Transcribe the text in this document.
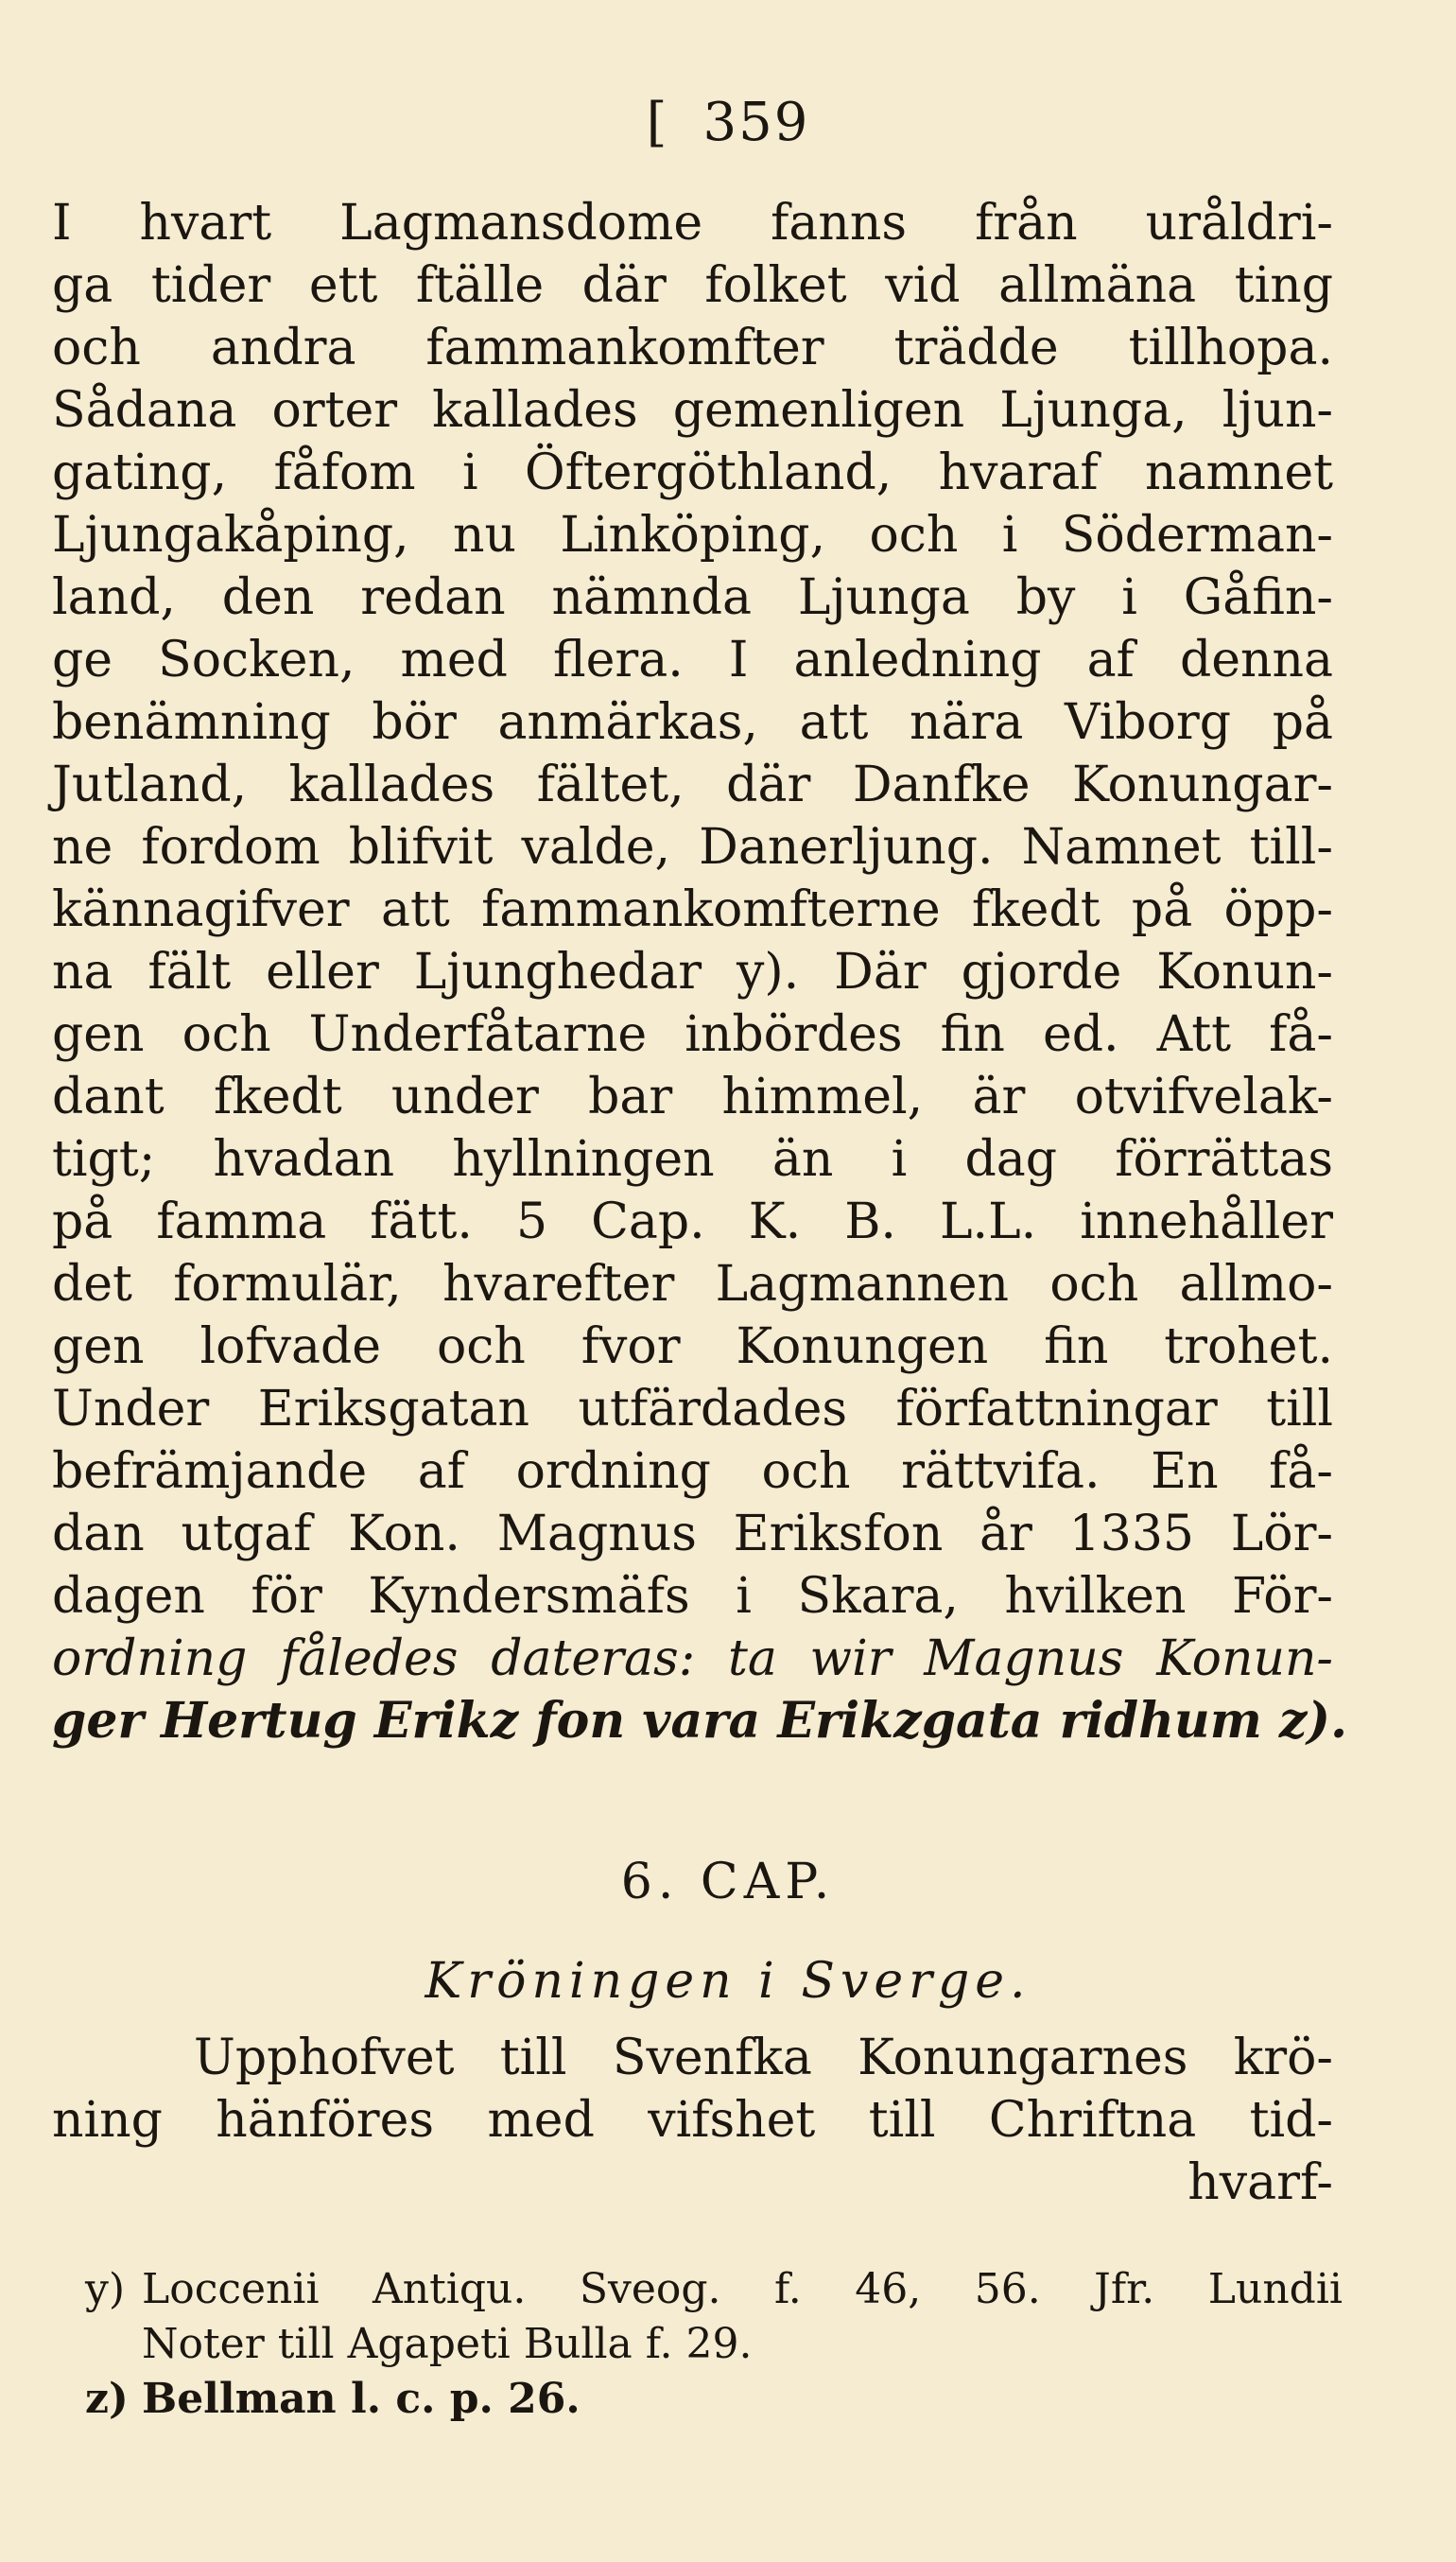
[ 359
I hvart Lagmansdome fanns från uråldri-
ga tider ett ftälle där folket vid allmäna ting
och andra fammankomfter trädde tillhopa.
Sådana orter kallades gemenligen Ljunga, ljun-
gating, fåfom i Öftergöthland, hvaraf namnet
Ljungakåping, nu Linköping, och i Söderman-
land, den redan nämnda Ljunga by i Gåfin-
ge Socken, med flera. I anledning af denna
benämning bör anmärkas, att nära Viborg på
Jutland, kallades fältet, där Danfke Konungar-
ne fordom blifvit valde, Danerljung. Namnet till-
kännagifver att fammankomfterne fkedt på öpp-
na fält eller Ljunghedar y). Där gjorde Konun-
gen och Underfåtarne inbördes fin ed. Att få-
dant fkedt under bar himmel, är otvifvelak-
tigt; hvadan hyllningen än i dag förrättas
på famma fätt. 5 Cap. K. B. L.L. innehåller
det formulär, hvarefter Lagmannen och allmo-
gen lofvade och fvor Konungen fin trohet.
Under Eriksgatan utfärdades författningar till
befrämjande af ordning och rättvifa. En få-
dan utgaf Kon. Magnus Eriksfon år 1335 Lör-
dagen för Kyndersmäfs i Skara, hvilken För-
ordning fåledes dateras: ta wir Magnus Konun-
ger Hertug Erikz fon vara Erikzgata ridhum z).
6. CAP.
Kröningen i Sverge.
Upphofvet till Svenfka Konungarnes krö-
ning hänföres med vifshet till Chriftna tid-
hvarf-
y) Loccenii Antiqu. Sveog. f. 46, 56. Jfr. Lundii
Noter till Agapeti Bulla f. 29.
z) Bellman l. c. p. 26.
